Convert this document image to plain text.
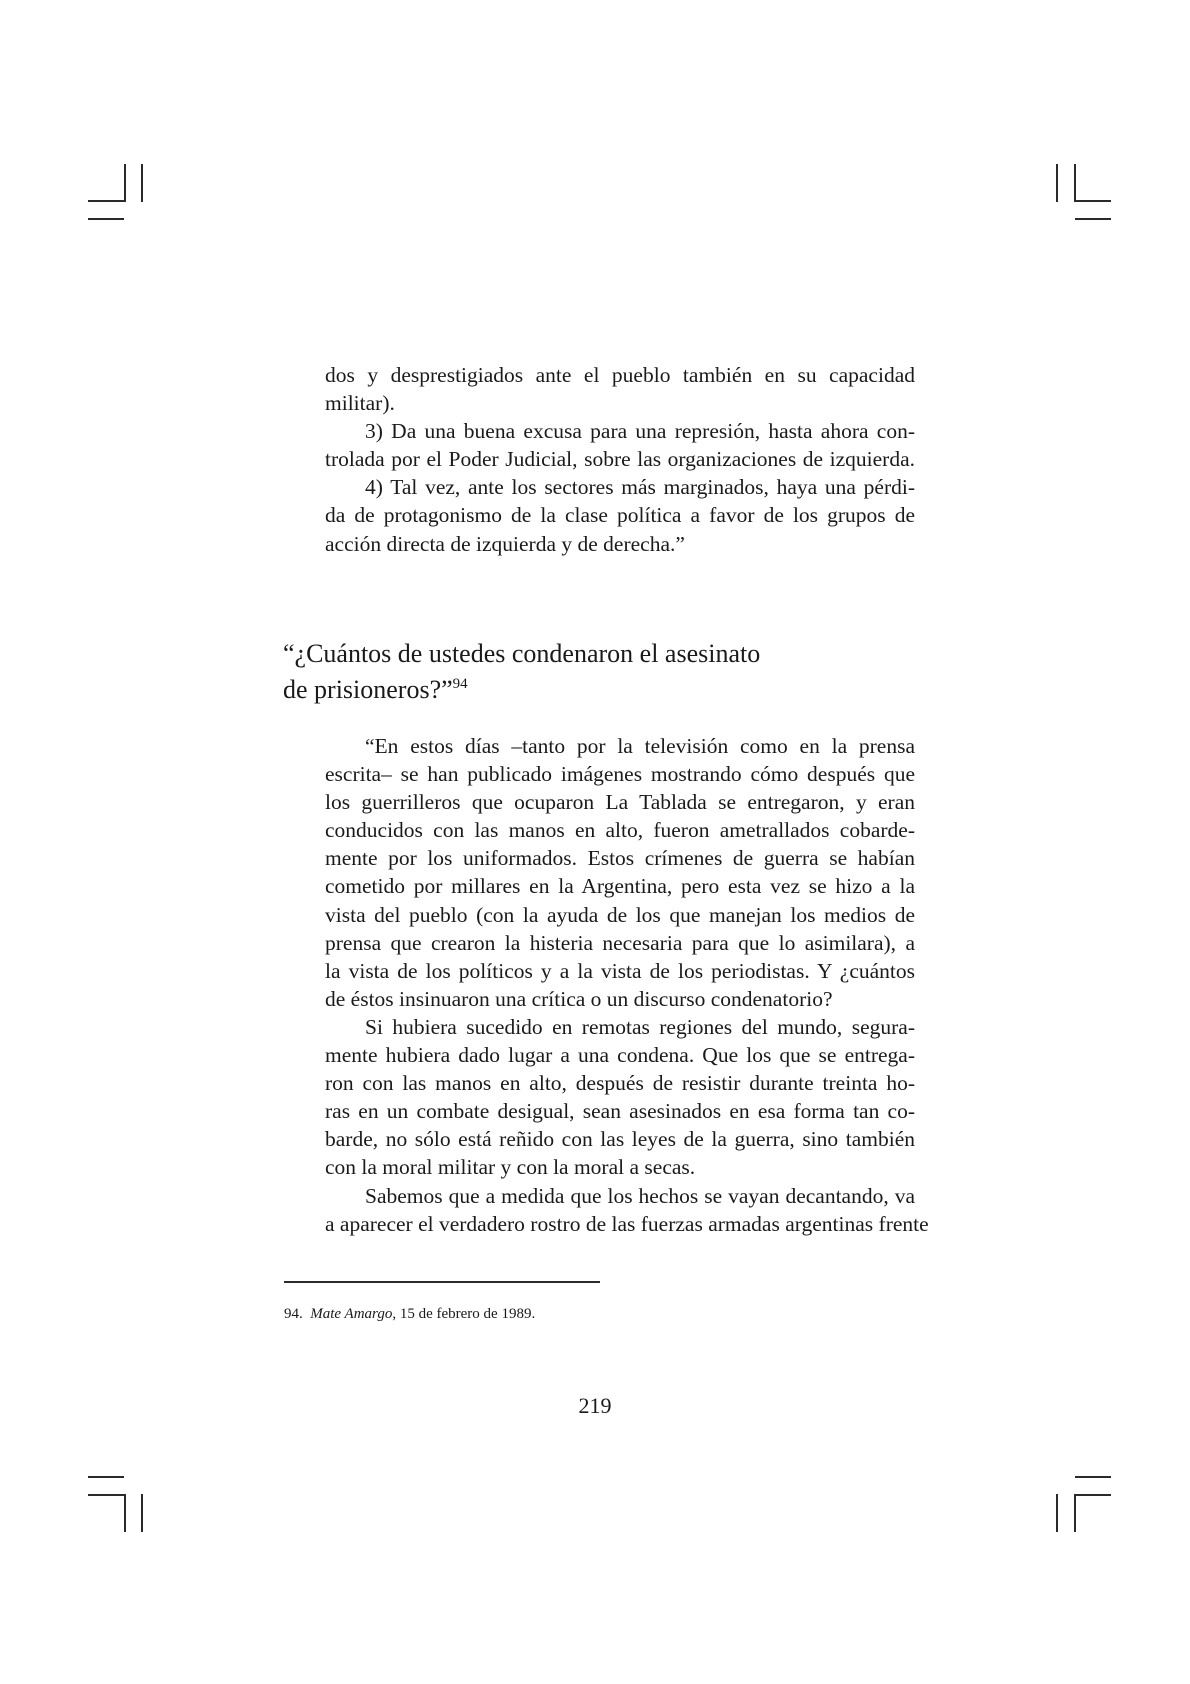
dos y desprestigiados ante el pueblo también en su capacidad
militar).
3) Da una buena excusa para una represión, hasta ahora con-
trolada por el Poder Judicial, sobre las organizaciones de izquierda.
4) Tal vez, ante los sectores más marginados, haya una pérdi-
da de protagonismo de la clase política a favor de los grupos de
acción directa de izquierda y de derecha.”
“¿Cuántos de ustedes condenaron el asesinato
de prisioneros?”$^{94}$
“En estos días –tanto por la televisión como en la prensa
escrita– se han publicado imágenes mostrando cómo después que
los guerrilleros que ocuparon La Tablada se entregaron, y eran
conducidos con las manos en alto, fueron ametrallados cobarde-
mente por los uniformados. Estos crímenes de guerra se habían
cometido por millares en la Argentina, pero esta vez se hizo a la
vista del pueblo (con la ayuda de los que manejan los medios de
prensa que crearon la histeria necesaria para que lo asimilara), a
la vista de los políticos y a la vista de los periodistas. Y ¿cuántos
de éstos insinuaron una crítica o un discurso condenatorio?
Si hubiera sucedido en remotas regiones del mundo, segura-
mente hubiera dado lugar a una condena. Que los que se entrega-
ron con las manos en alto, después de resistir durante treinta ho-
ras en un combate desigual, sean asesinados en esa forma tan co-
barde, no sólo está reñido con las leyes de la guerra, sino también
con la moral militar y con la moral a secas.
Sabemos que a medida que los hechos se vayan decantando, va
a aparecer el verdadero rostro de las fuerzas armadas argentinas frente
94. Mate Amargo, 15 de febrero de 1989.
219
